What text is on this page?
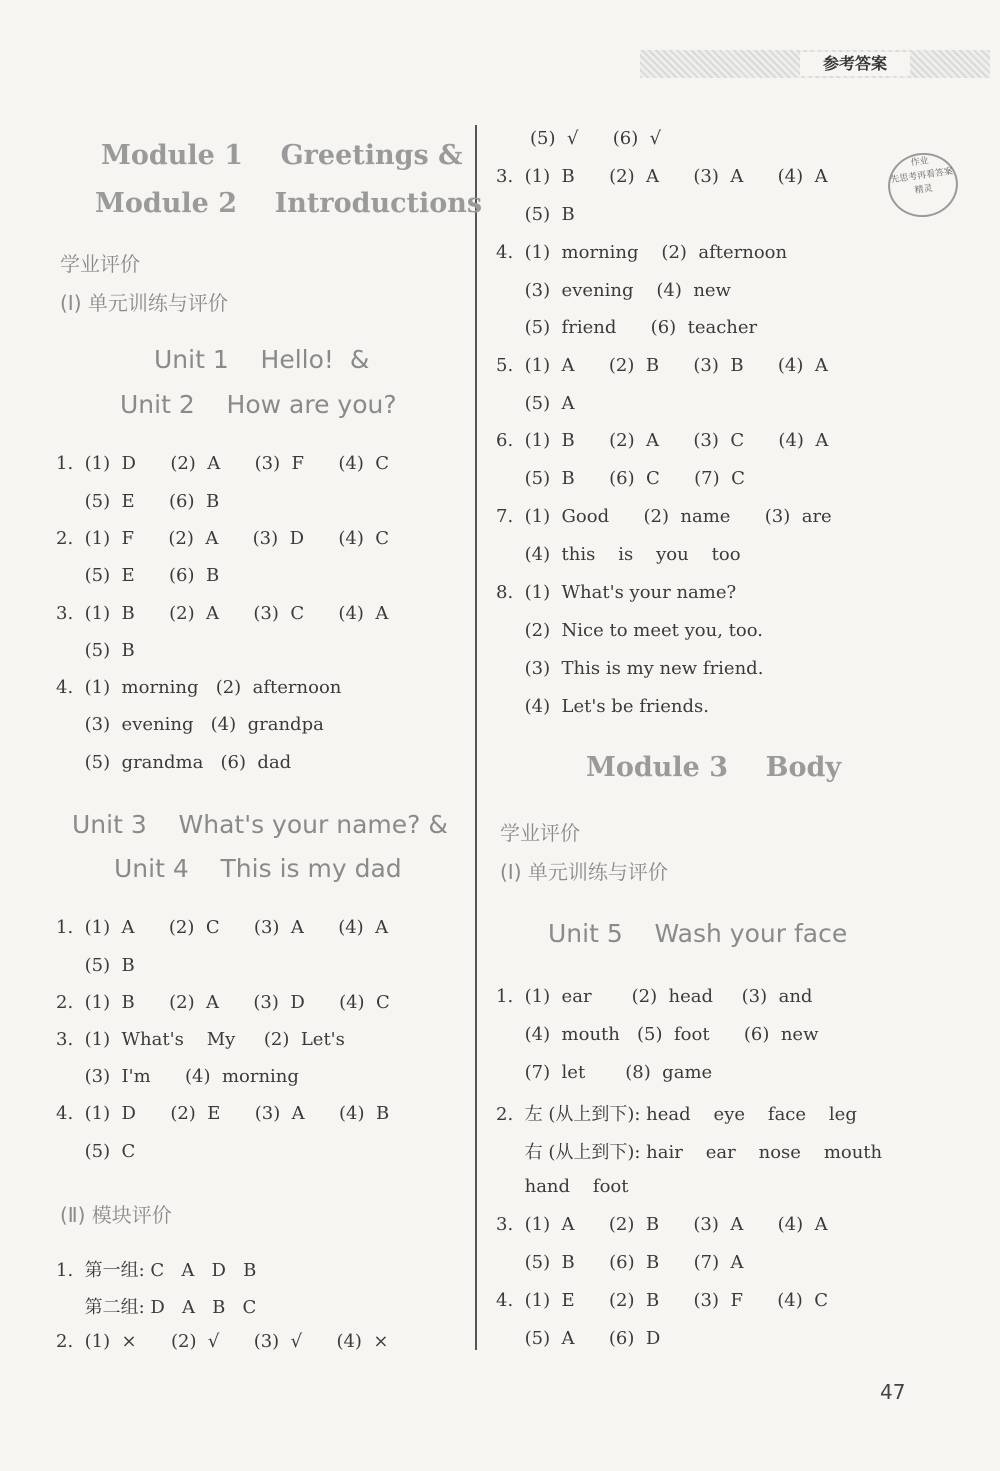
参考答案
作业
先思考再看答案
精灵
Module 1    Greetings &
Module 2    Introductions
学业评价
(Ⅰ) 单元训练与评价
Unit 1    Hello!  &
Unit 2    How are you?
1.  (1)  D      (2)  A      (3)  F      (4)  C
(5)  E      (6)  B
2.  (1)  F      (2)  A      (3)  D      (4)  C
(5)  E      (6)  B
3.  (1)  B      (2)  A      (3)  C      (4)  A
(5)  B
4.  (1)  morning   (2)  afternoon
(3)  evening   (4)  grandpa
(5)  grandma   (6)  dad
Unit 3    What's your name? &
Unit 4    This is my dad
1.  (1)  A      (2)  C      (3)  A      (4)  A
(5)  B
2.  (1)  B      (2)  A      (3)  D      (4)  C
3.  (1)  What's    My     (2)  Let's
(3)  I'm      (4)  morning
4.  (1)  D      (2)  E      (3)  A      (4)  B
(5)  C
(Ⅱ) 模块评价
1.  第一组: C   A   D   B
第二组: D   A   B   C
2.  (1)  ×      (2)  √      (3)  √      (4)  ×
(5)  √      (6)  √
3.  (1)  B      (2)  A      (3)  A      (4)  A
(5)  B
4.  (1)  morning    (2)  afternoon
(3)  evening    (4)  new
(5)  friend      (6)  teacher
5.  (1)  A      (2)  B      (3)  B      (4)  A
(5)  A
6.  (1)  B      (2)  A      (3)  C      (4)  A
(5)  B      (6)  C      (7)  C
7.  (1)  Good      (2)  name      (3)  are
(4)  this    is    you    too
8.  (1)  What's your name?
(2)  Nice to meet you, too.
(3)  This is my new friend.
(4)  Let's be friends.
Module 3    Body
学业评价
(Ⅰ) 单元训练与评价
Unit 5    Wash your face
1.  (1)  ear       (2)  head     (3)  and
(4)  mouth   (5)  foot      (6)  new
(7)  let       (8)  game
2.  左 (从上到下): head    eye    face    leg
右 (从上到下): hair    ear    nose    mouth
hand    foot
3.  (1)  A      (2)  B      (3)  A      (4)  A
(5)  B      (6)  B      (7)  A
4.  (1)  E      (2)  B      (3)  F      (4)  C
(5)  A      (6)  D
47
